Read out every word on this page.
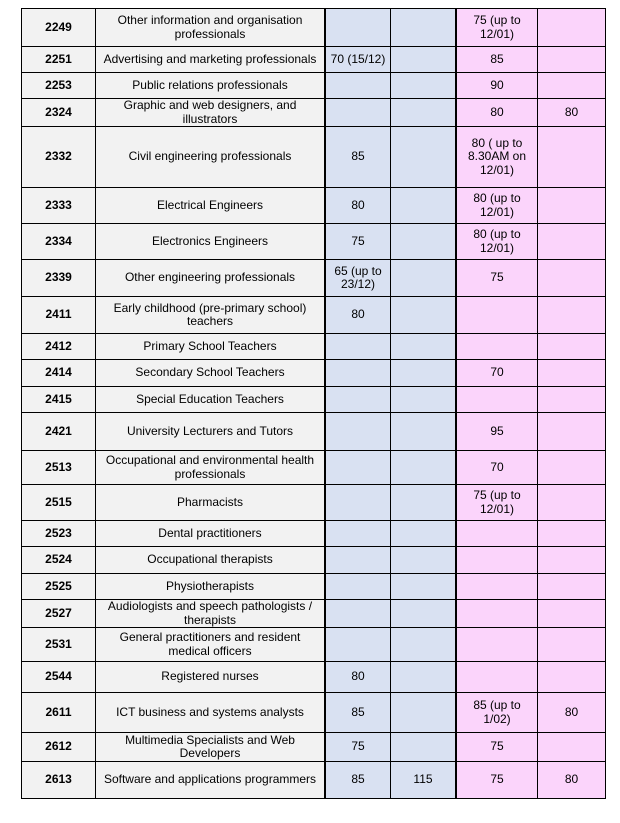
2249	Other information and organisation professionals			75 (up to 12/01)	
2251	Advertising and marketing professionals	70 (15/12)		85	
2253	Public relations professionals			90	
2324	Graphic and web designers, and illustrators			80	80
2332	Civil engineering professionals	85		80 ( up to 8.30AM on 12/01)	
2333	Electrical Engineers	80		80 (up to 12/01)	
2334	Electronics Engineers	75		80 (up to 12/01)	
2339	Other engineering professionals	65 (up to 23/12)		75	
2411	Early childhood (pre-primary school) teachers	80			
2412	Primary School Teachers				
2414	Secondary School Teachers			70	
2415	Special Education Teachers				
2421	University Lecturers and Tutors			95	
2513	Occupational and environmental health professionals			70	
2515	Pharmacists			75 (up to 12/01)	
2523	Dental practitioners				
2524	Occupational therapists				
2525	Physiotherapists				
2527	Audiologists and speech pathologists / therapists				
2531	General practitioners and resident medical officers				
2544	Registered nurses	80			
2611	ICT business and systems analysts	85		85 (up to 1/02)	80
2612	Multimedia Specialists and Web Developers	75		75	
2613	Software and applications programmers	85	115	75	80
